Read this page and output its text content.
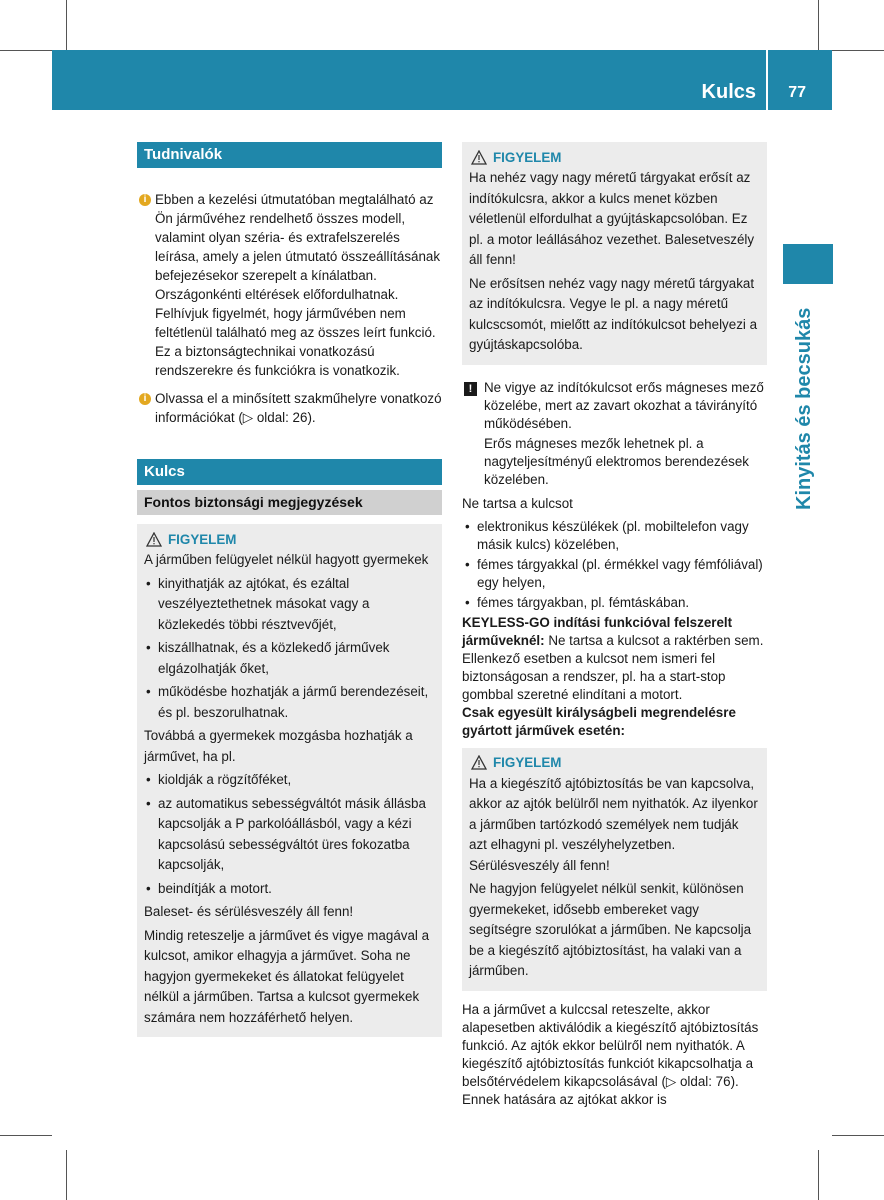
Kulcs 77
Kinyitás és becsukás
Tudnivalók
i Ebben a kezelési útmutatóban megtalálható az Ön járművéhez rendelhető összes modell, valamint olyan széria- és extrafelszerelés leírása, amely a jelen útmutató összeállításának befejezésekor szerepelt a kínálatban. Országonkénti eltérések előfordulhatnak. Felhívjuk figyelmét, hogy járművében nem feltétlenül található meg az összes leírt funkció. Ez a biztonságtechnikai vonatkozású rendszerekre és funkciókra is vonatkozik.
i Olvassa el a minősített szakműhelyre vonatkozó információkat (▷ oldal: 26).
Kulcs
Fontos biztonsági megjegyzések
FIGYELEM

A járműben felügyelet nélkül hagyott gyermekek

• kinyithatják az ajtókat, és ezáltal veszélyeztethetnek másokat vagy a közlekedés többi résztvevőjét,
• kiszállhatnak, és a közlekedő járművek elgázolhatják őket,
• működésbe hozhatják a jármű berendezéseit, és pl. beszorulhatnak.

Továbbá a gyermekek mozgásba hozhatják a járművet, ha pl.

• kioldják a rögzítőféket,
• az automatikus sebességváltót másik állásba kapcsolják a P parkolóállásból, vagy a kézi kapcsolású sebességváltót üres fokozatba kapcsolják,
• beindítják a motort.

Baleset- és sérülésveszély áll fenn!

Mindig reteszelje a járművet és vigye magával a kulcsot, amikor elhagyja a járművet. Soha ne hagyjon gyermekeket és állatokat felügyelet nélkül a járműben. Tartsa a kulcsot gyermekek számára nem hozzáférhető helyen.

FIGYELEM

Ha nehéz vagy nagy méretű tárgyakat erősít az indítókulcsra, akkor a kulcs menet közben véletlenül elfordulhat a gyújtáskapcsolóban. Ez pl. a motor leállásához vezethet. Balesetveszély áll fenn!

Ne erősítsen nehéz vagy nagy méretű tárgyakat az indítókulcsra. Vegye le pl. a nagy méretű kulcscsomót, mielőtt az indítókulcsot behelyezi a gyújtáskapcsolóba.

! Ne vigye az indítókulcsot erős mágneses mező közelébe, mert az zavart okozhat a távirányító működésében.

Erős mágneses mezők lehetnek pl. a nagyteljesítményű elektromos berendezések közelében.

Ne tartsa a kulcsot

• elektronikus készülékek (pl. mobiltelefon vagy másik kulcs) közelében,
• fémes tárgyakkal (pl. érmékkel vagy fémfóliával) egy helyen,
• fémes tárgyakban, pl. fémtáskában.

KEYLESS-GO indítási funkcióval felszerelt járműveknél: Ne tartsa a kulcsot a raktérben sem. Ellenkező esetben a kulcsot nem ismeri fel biztonságosan a rendszer, pl. ha a start-stop gombbal szeretné elindítani a motort.

Csak egyesült királyságbeli megrendelésre gyártott járművek esetén:

FIGYELEM

Ha a kiegészítő ajtóbiztosítás be van kapcsolva, akkor az ajtók belülről nem nyithatók. Az ilyenkor a járműben tartózkodó személyek nem tudják azt elhagyni pl. veszélyhelyzetben. Sérülésveszély áll fenn!

Ne hagyjon felügyelet nélkül senkit, különösen gyermekeket, idősebb embereket vagy segítségre szorulókat a járműben. Ne kapcsolja be a kiegészítő ajtóbiztosítást, ha valaki van a járműben.

Ha a járművet a kulccsal reteszelte, akkor alapesetben aktiválódik a kiegészítő ajtóbiztosítás funkció. Az ajtók ekkor belülről nem nyithatók. A kiegészítő ajtóbiztosítás funkciót kikapcsolhatja a belsőtérvédelem kikapcsolásával (▷ oldal: 76). Ennek hatására az ajtókat akkor is
